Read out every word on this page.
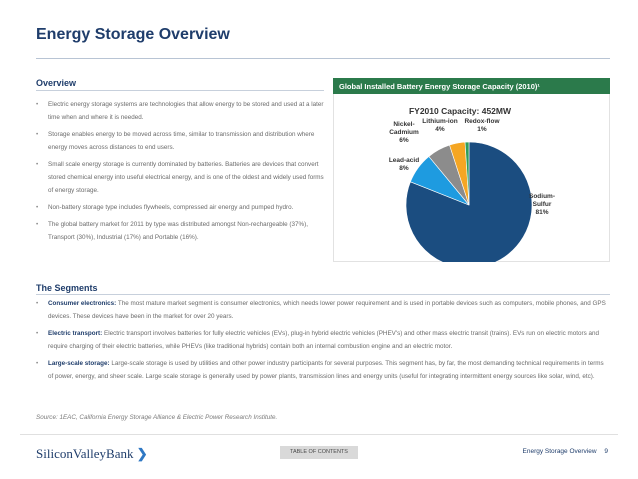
Energy Storage Overview
Overview
• Electric energy storage systems are technologies that allow energy to be stored and used at a later time when and where it is needed.
• Storage enables energy to be moved across time, similar to transmission and distribution where energy moves across distances to end users.
• Small scale energy storage is currently dominated by batteries. Batteries are devices that convert stored chemical energy into useful electrical energy, and is one of the oldest and widely used forms of energy storage.
• Non-battery storage type includes flywheels, compressed air energy and pumped hydro.
• The global battery market for 2011 by type was distributed amongst Non-rechargeable (37%), Transport (30%), Industrial (17%) and Portable (16%).
Global Installed Battery Energy Storage Capacity (2010)¹
FY2010 Capacity: 452MW
Sodium-Sulfur 81%
Lead-acid 8%
Nickel-Cadmium 6%
Lithium-ion 4%
Redox-flow 1%
The Segments
• Consumer electronics: The most mature market segment is consumer electronics, which needs lower power requirement and is used in portable devices such as computers, mobile phones, and GPS devices. These devices have been in the market for over 20 years.
• Electric transport: Electric transport involves batteries for fully electric vehicles (EVs), plug-in hybrid electric vehicles (PHEV's) and other mass electric transit (trains). EVs run on electric motors and require charging of their electric batteries, while PHEVs (like traditional hybrids) contain both an internal combustion engine and an electric motor.
• Large-scale storage: Large-scale storage is used by utilities and other power industry participants for several purposes. This segment has, by far, the most demanding technical requirements in terms of power, energy, and sheer scale. Large scale storage is generally used by power plants, transmission lines and energy units (useful for integrating intermittent energy sources like solar, wind, etc).
Source: 1EAC, California Energy Storage Alliance & Electric Power Research Institute.
SiliconValleyBank ❯	TABLE OF CONTENTS	Energy Storage Overview 9
